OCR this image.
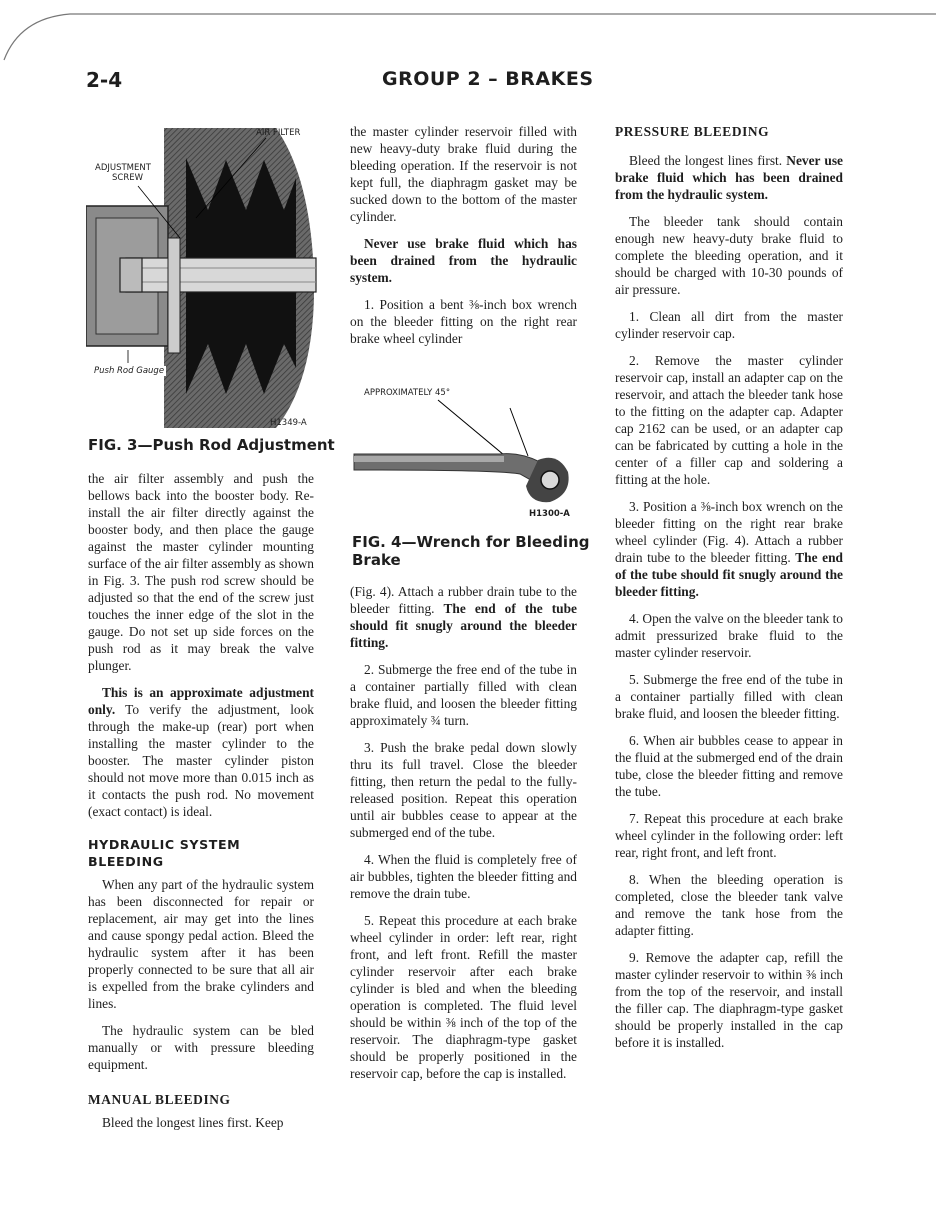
2-4	GROUP 2 – BRAKES
AIR FILTER
ADJUSTMENT
SCREW
Push Rod Gauge
H1349-A
FIG. 3—Push Rod Adjustment
APPROXIMATELY 45°
H1300-A
FIG. 4—Wrench for Bleeding
Brake

the air filter assembly and push the bellows back into the booster body. Re-install the air filter directly against the booster body, and then place the gauge against the master cylinder mounting surface of the air filter assembly as shown in Fig. 3. The push rod screw should be adjusted so that the end of the screw just touches the inner edge of the slot in the gauge. Do not set up side forces on the push rod as it may break the valve plunger.

This is an approximate adjustment only. To verify the adjustment, look through the make-up (rear) port when installing the master cylinder to the booster. The master cylinder piston should not move more than 0.015 inch as it contacts the push rod. No movement (exact contact) is ideal.

HYDRAULIC SYSTEM BLEEDING

When any part of the hydraulic system has been disconnected for repair or replacement, air may get into the lines and cause spongy pedal action. Bleed the hydraulic system after it has been properly connected to be sure that all air is expelled from the brake cylinders and lines.

The hydraulic system can be bled manually or with pressure bleeding equipment.

MANUAL BLEEDING

Bleed the longest lines first. Keep

the master cylinder reservoir filled with new heavy-duty brake fluid during the bleeding operation. If the reservoir is not kept full, the diaphragm gasket may be sucked down to the bottom of the master cylinder.

Never use brake fluid which has been drained from the hydraulic system.

1. Position a bent ⅜-inch box wrench on the bleeder fitting on the right rear brake wheel cylinder

(Fig. 4). Attach a rubber drain tube to the bleeder fitting. The end of the tube should fit snugly around the bleeder fitting.

2. Submerge the free end of the tube in a container partially filled with clean brake fluid, and loosen the bleeder fitting approximately ¾ turn.

3. Push the brake pedal down slowly thru its full travel. Close the bleeder fitting, then return the pedal to the fully-released position. Repeat this operation until air bubbles cease to appear at the submerged end of the tube.

4. When the fluid is completely free of air bubbles, tighten the bleeder fitting and remove the drain tube.

5. Repeat this procedure at each brake wheel cylinder in order: left rear, right front, and left front. Refill the master cylinder reservoir after each brake cylinder is bled and when the bleeding operation is completed. The fluid level should be within ⅜ inch of the top of the reservoir. The diaphragm-type gasket should be properly positioned in the reservoir cap, before the cap is installed.

PRESSURE BLEEDING

Bleed the longest lines first. Never use brake fluid which has been drained from the hydraulic system.

The bleeder tank should contain enough new heavy-duty brake fluid to complete the bleeding operation, and it should be charged with 10-30 pounds of air pressure.

1. Clean all dirt from the master cylinder reservoir cap.

2. Remove the master cylinder reservoir cap, install an adapter cap on the reservoir, and attach the bleeder tank hose to the fitting on the adapter cap. Adapter cap 2162 can be used, or an adapter cap can be fabricated by cutting a hole in the center of a filler cap and soldering a fitting at the hole.

3. Position a ⅜-inch box wrench on the bleeder fitting on the right rear brake wheel cylinder (Fig. 4). Attach a rubber drain tube to the bleeder fitting. The end of the tube should fit snugly around the bleeder fitting.

4. Open the valve on the bleeder tank to admit pressurized brake fluid to the master cylinder reservoir.

5. Submerge the free end of the tube in a container partially filled with clean brake fluid, and loosen the bleeder fitting.

6. When air bubbles cease to appear in the fluid at the submerged end of the drain tube, close the bleeder fitting and remove the tube.

7. Repeat this procedure at each brake wheel cylinder in the following order: left rear, right front, and left front.

8. When the bleeding operation is completed, close the bleeder tank valve and remove the tank hose from the adapter fitting.

9. Remove the adapter cap, refill the master cylinder reservoir to within ⅜ inch from the top of the reservoir, and install the filler cap. The diaphragm-type gasket should be properly installed in the cap before it is installed.
